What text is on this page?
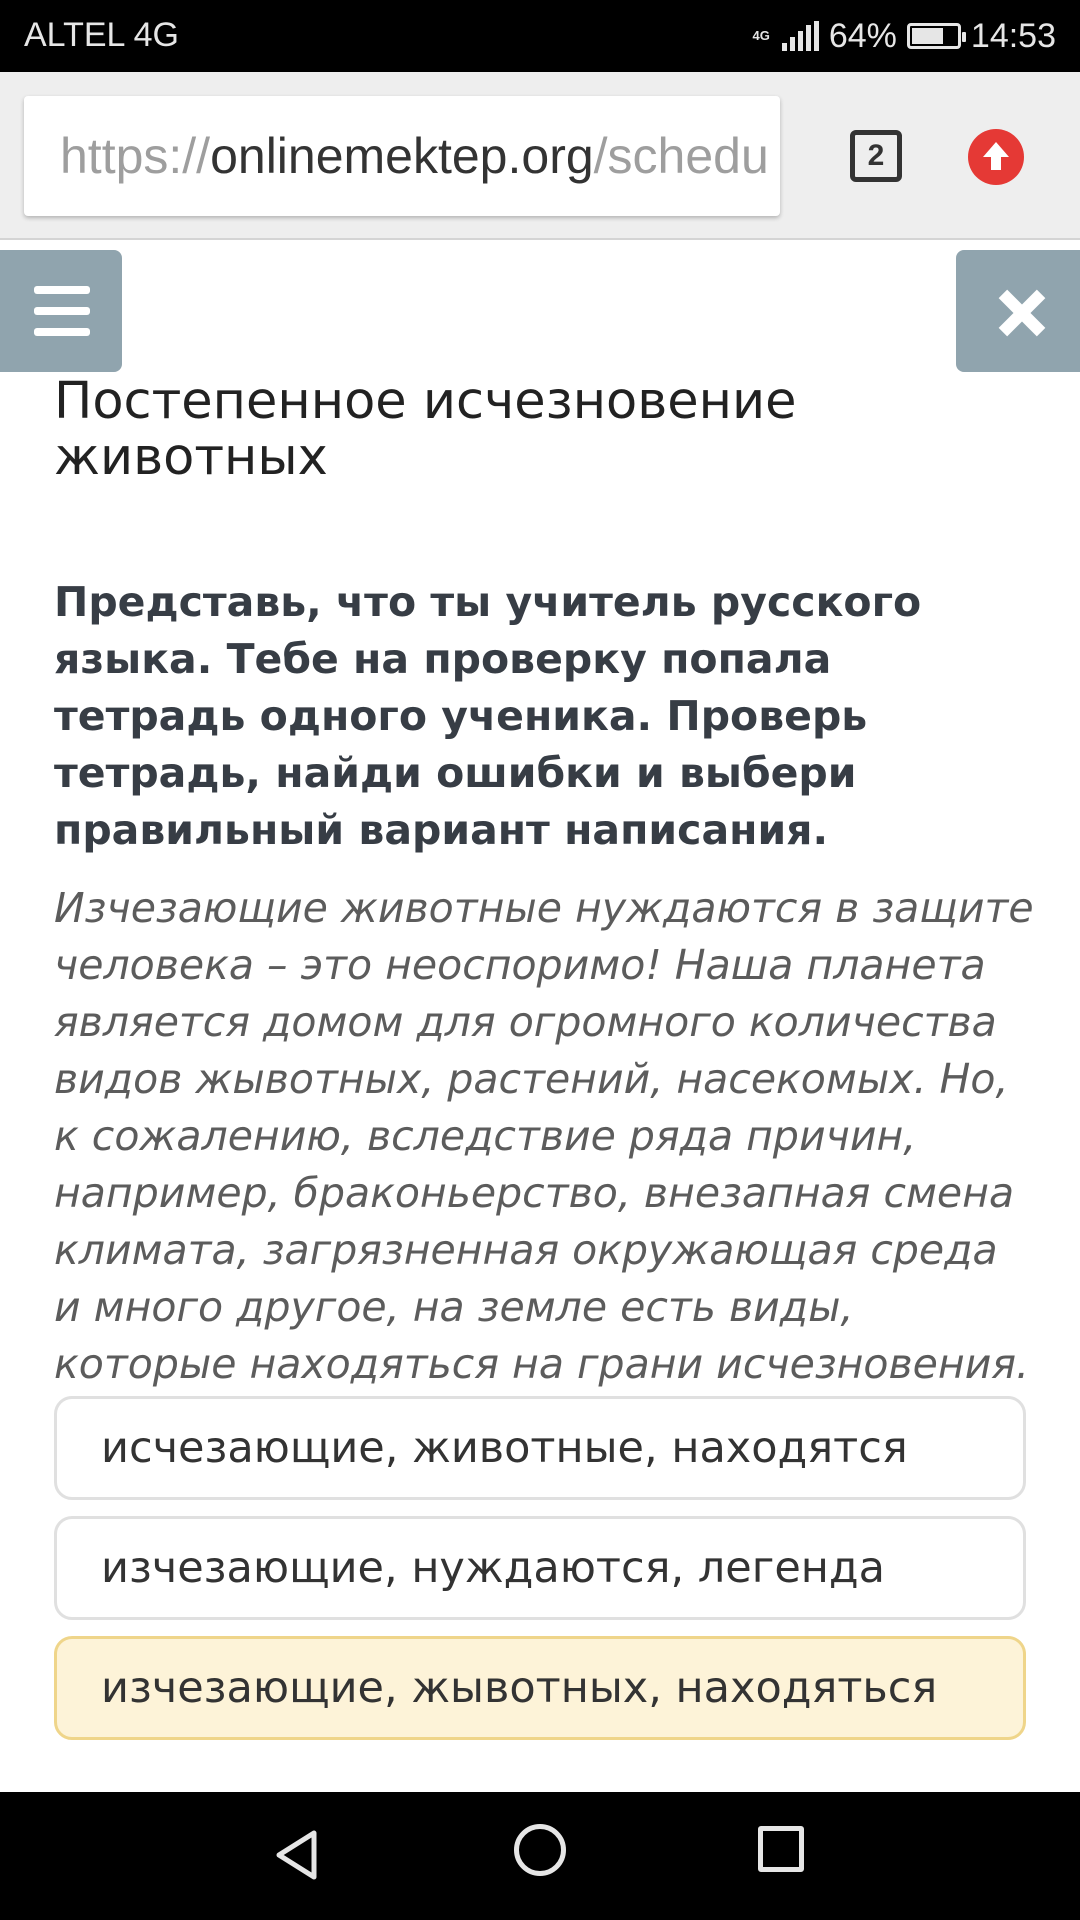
ALTEL 4G	4G 64% 14:53
https://onlinemektep.org/schedu	2
Постепенное исчезновение животных

Представь, что ты учитель русского языка. Тебе на проверку попала тетрадь одного ученика. Проверь тетрадь, найди ошибки и выбери правильный вариант написания.

Изчезающие животные нуждаются в защите человека – это неоспоримо! Наша планета является домом для огромного количества видов жывотных, растений, насекомых. Но, к сожалению, вследствие ряда причин, например, браконьерство, внезапная смена климата, загрязненная окружающая среда и много другое, на земле есть виды, которые находяться на грани исчезновения.

исчезающие, животные, находятся
изчезающие, нуждаются, легенда
изчезающие, жывотных, находяться
